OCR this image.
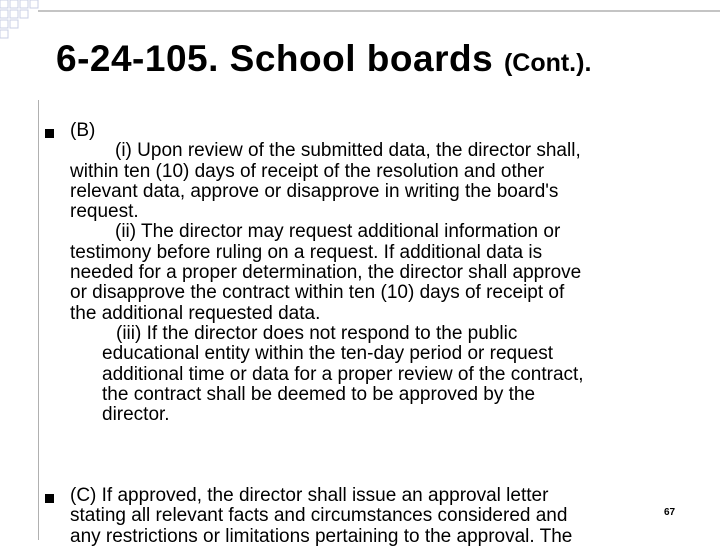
6-24-105. School boards (Cont.).
(B)
(i) Upon review of the submitted data, the director shall,
within ten (10) days of receipt of the resolution and other
relevant data, approve or disapprove in writing the board's
request.
(ii) The director may request additional information or
testimony before ruling on a request. If additional data is
needed for a proper determination, the director shall approve
or disapprove the contract within ten (10) days of receipt of
the additional requested data.
(iii) If the director does not respond to the public
educational entity within the ten-day period or request
additional time or data for a proper review of the contract,
the contract shall be deemed to be approved by the
director.
(C) If approved, the director shall issue an approval letter
stating all relevant facts and circumstances considered and
any restrictions or limitations pertaining to the approval. The
67
